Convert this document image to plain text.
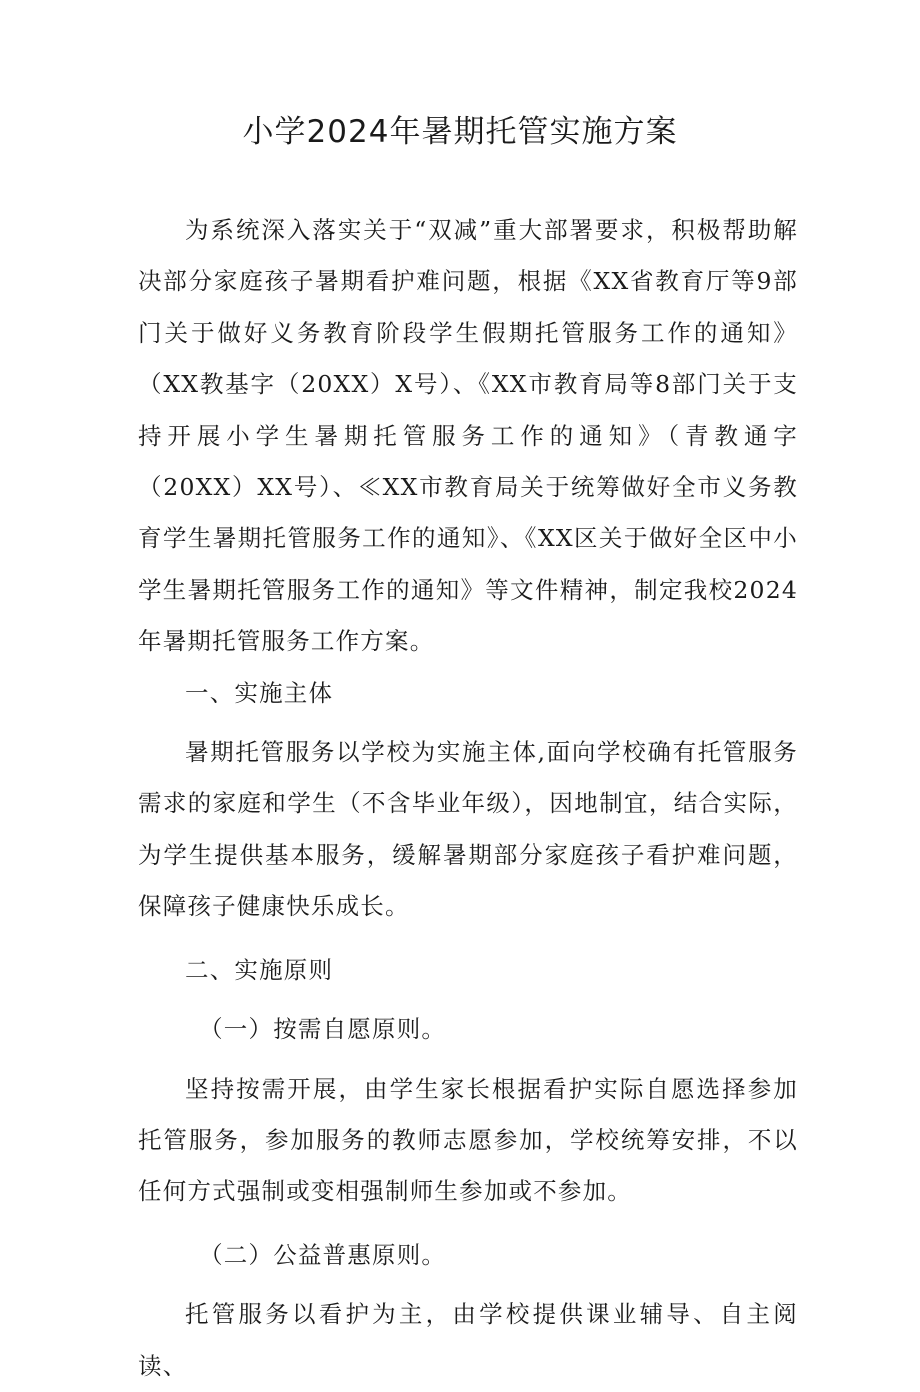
小学2024年暑期托管实施方案

为系统深入落实关于“双减”重大部署要求，积极帮助解决部分家庭孩子暑期看护难问题，根据《XX省教育厅等9部门关于做好义务教育阶段学生假期托管服务工作的通知》（XX教基字（20XX）X号）、《XX市教育局等8部门关于支持开展小学生暑期托管服务工作的通知》（青教通字（20XX）XX号）、≪XX市教育局关于统筹做好全市义务教育学生暑期托管服务工作的通知》、《XX区关于做好全区中小学生暑期托管服务工作的通知》等文件精神，制定我校2024年暑期托管服务工作方案。

一、实施主体

暑期托管服务以学校为实施主体,面向学校确有托管服务需求的家庭和学生（不含毕业年级），因地制宜，结合实际，为学生提供基本服务，缓解暑期部分家庭孩子看护难问题，保障孩子健康快乐成长。

二、实施原则

（一）按需自愿原则。

坚持按需开展，由学生家长根据看护实际自愿选择参加托管服务，参加服务的教师志愿参加，学校统筹安排，不以任何方式强制或变相强制师生参加或不参加。

（二）公益普惠原则。

托管服务以看护为主，由学校提供课业辅导、自主阅读、
